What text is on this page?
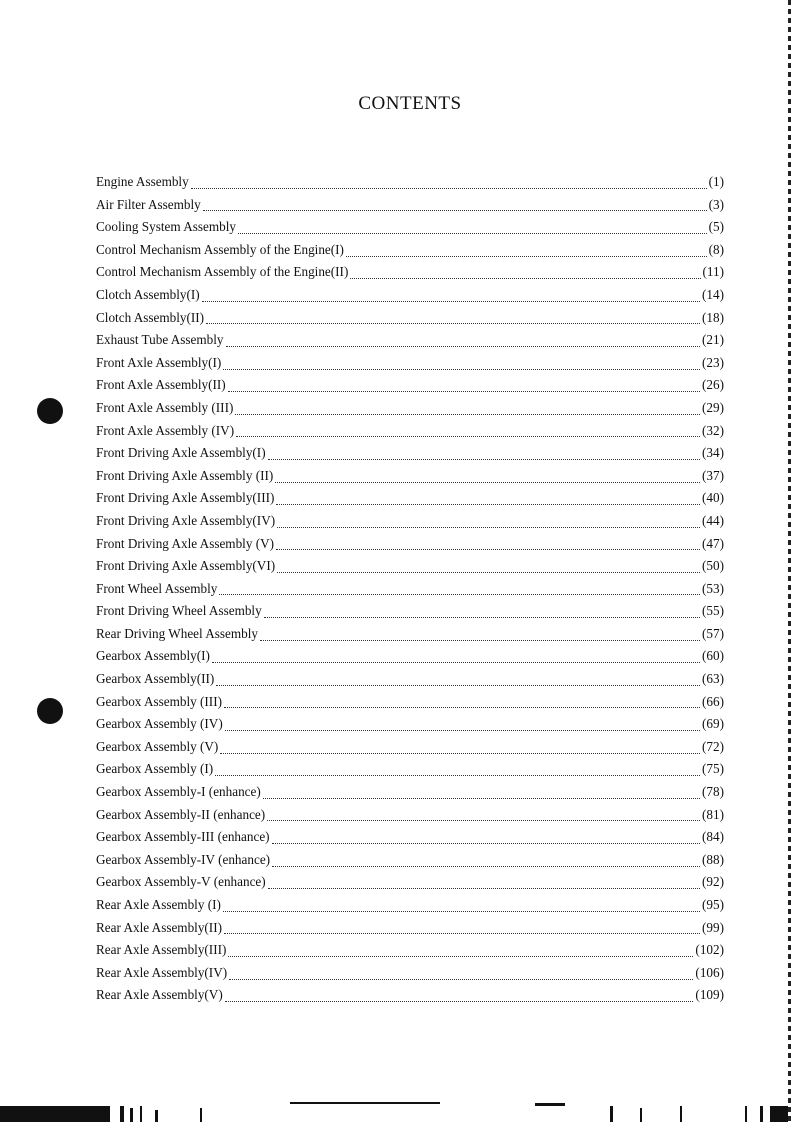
CONTENTS
Engine Assembly	(1)
Air Filter Assembly	(3)
Cooling System Assembly	(5)
Control Mechanism Assembly of the Engine(I)	(8)
Control Mechanism Assembly of the Engine(II)	(11)
Clotch Assembly(I)	(14)
Clotch Assembly(II)	(18)
Exhaust Tube Assembly	(21)
Front Axle Assembly(I)	(23)
Front Axle Assembly(II)	(26)
Front Axle Assembly (III)	(29)
Front Axle Assembly (IV)	(32)
Front Driving Axle Assembly(I)	(34)
Front Driving Axle Assembly (II)	(37)
Front Driving Axle Assembly(III)	(40)
Front Driving Axle Assembly(IV)	(44)
Front Driving Axle Assembly (V)	(47)
Front Driving Axle Assembly(VI)	(50)
Front Wheel Assembly	(53)
Front Driving Wheel Assembly	(55)
Rear Driving Wheel Assembly	(57)
Gearbox Assembly(I)	(60)
Gearbox Assembly(II)	(63)
Gearbox Assembly (III)	(66)
Gearbox Assembly (IV)	(69)
Gearbox Assembly (V)	(72)
Gearbox Assembly (I)	(75)
Gearbox Assembly-I (enhance)	(78)
Gearbox Assembly-II (enhance)	(81)
Gearbox Assembly-III (enhance)	(84)
Gearbox Assembly-IV (enhance)	(88)
Gearbox Assembly-V (enhance)	(92)
Rear Axle Assembly (I)	(95)
Rear Axle Assembly(II)	(99)
Rear Axle Assembly(III)	(102)
Rear Axle Assembly(IV)	(106)
Rear Axle Assembly(V)	(109)
